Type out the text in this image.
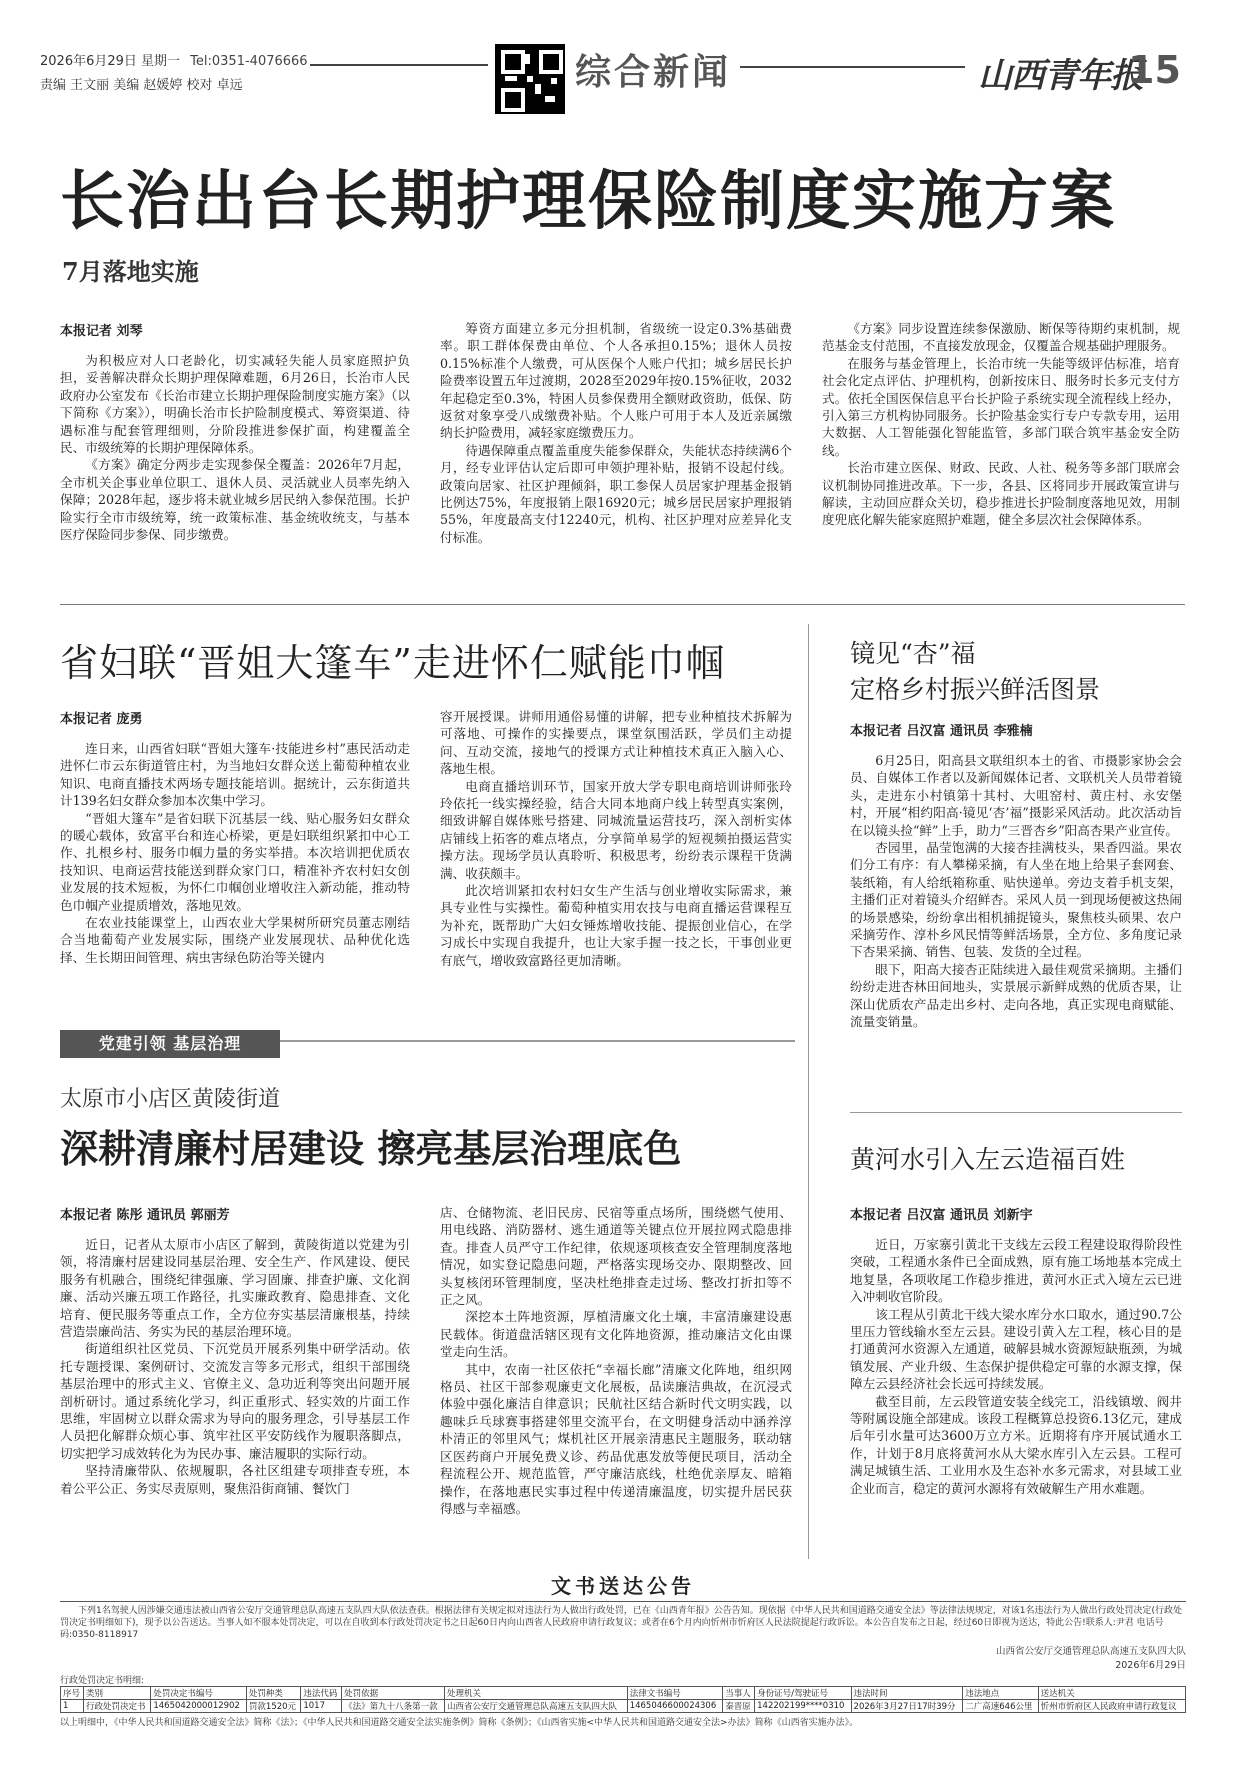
2026年6月29日 星期一 Tel:0351-4076666
责编 王文丽 美编 赵媛婷 校对 卓远	综合新闻	山西青年报
15
长治出台长期护理保险制度实施方案
7月落地实施
本报记者 刘琴

为积极应对人口老龄化，切实减轻失能人员家庭照护负担，妥善解决群众长期护理保障难题，6月26日，长治市人民政府办公室发布《长治市建立长期护理保险制度实施方案》（以下简称《方案》），明确长治市长护险制度模式、筹资渠道、待遇标准与配套管理细则，分阶段推进参保扩面，构建覆盖全民、市级统筹的长期护理保障体系。

《方案》确定分两步走实现参保全覆盖：2026年7月起，全市机关企事业单位职工、退休人员、灵活就业人员率先纳入保障；2028年起，逐步将未就业城乡居民纳入参保范围。长护险实行全市市级统筹，统一政策标准、基金统收统支，与基本医疗保险同步参保、同步缴费。

筹资方面建立多元分担机制，省级统一设定0.3%基础费率。职工群体保费由单位、个人各承担0.15%；退休人员按0.15%标准个人缴费，可从医保个人账户代扣；城乡居民长护险费率设置五年过渡期，2028至2029年按0.15%征收，2032年起稳定至0.3%，特困人员参保费用全额财政资助，低保、防返贫对象享受八成缴费补贴。个人账户可用于本人及近亲属缴纳长护险费用，减轻家庭缴费压力。

待遇保障重点覆盖重度失能参保群众，失能状态持续满6个月，经专业评估认定后即可申领护理补贴，报销不设起付线。政策向居家、社区护理倾斜，职工参保人员居家护理基金报销比例达75%，年度报销上限16920元；城乡居民居家护理报销55%，年度最高支付12240元，机构、社区护理对应差异化支付标准。

《方案》同步设置连续参保激励、断保等待期约束机制，规范基金支付范围，不直接发放现金，仅覆盖合规基础护理服务。

在服务与基金管理上，长治市统一失能等级评估标准，培育社会化定点评估、护理机构，创新按床日、服务时长多元支付方式。依托全国医保信息平台长护险子系统实现全流程线上经办，引入第三方机构协同服务。长护险基金实行专户专款专用，运用大数据、人工智能强化智能监管，多部门联合筑牢基金安全防线。

长治市建立医保、财政、民政、人社、税务等多部门联席会议机制协同推进改革。下一步，各县、区将同步开展政策宣讲与解读，主动回应群众关切，稳步推进长护险制度落地见效，用制度兜底化解失能家庭照护难题，健全多层次社会保障体系。

省妇联“晋姐大篷车”走进怀仁赋能巾帼
本报记者 庞勇

连日来，山西省妇联“晋姐大篷车·技能进乡村”惠民活动走进怀仁市云东街道管庄村，为当地妇女群众送上葡萄种植农业知识、电商直播技术两场专题技能培训。据统计，云东街道共计139名妇女群众参加本次集中学习。

“晋姐大篷车”是省妇联下沉基层一线、贴心服务妇女群众的暖心载体，致富平台和连心桥梁，更是妇联组织紧扣中心工作、扎根乡村、服务巾帼力量的务实举措。本次培训把优质农技知识、电商运营技能送到群众家门口，精准补齐农村妇女创业发展的技术短板，为怀仁巾帼创业增收注入新动能，推动特色巾帼产业提质增效，落地见效。

在农业技能课堂上，山西农业大学果树所研究员董志刚结合当地葡萄产业发展实际，围绕产业发展现状、品种优化选择、生长期田间管理、病虫害绿色防治等关键内

容开展授课。讲师用通俗易懂的讲解，把专业种植技术拆解为可落地、可操作的实操要点，课堂氛围活跃，学员们主动提问、互动交流，接地气的授课方式让种植技术真正入脑入心、落地生根。

电商直播培训环节，国家开放大学专职电商培训讲师张玲玲依托一线实操经验，结合大同本地商户线上转型真实案例，细致讲解自媒体账号搭建、同城流量运营技巧，深入剖析实体店铺线上拓客的难点堵点，分享简单易学的短视频拍摄运营实操方法。现场学员认真聆听、积极思考，纷纷表示课程干货满满、收获颇丰。

此次培训紧扣农村妇女生产生活与创业增收实际需求，兼具专业性与实操性。葡萄种植实用农技与电商直播运营课程互为补充，既帮助广大妇女锤炼增收技能、提振创业信心，在学习成长中实现自我提升，也让大家手握一技之长，干事创业更有底气，增收致富路径更加清晰。

镜见“杏”福
定格乡村振兴鲜活图景
本报记者 吕汉富 通讯员 李雅楠

6月25日，阳高县文联组织本土的省、市摄影家协会会员、自媒体工作者以及新闻媒体记者、文联机关人员带着镜头，走进东小村镇第十其村、大咀窑村、黄庄村、永安堡村，开展“相约阳高·镜见‘杏’福”摄影采风活动。此次活动旨在以镜头捡“鲜”上手，助力“三晋杏乡”阳高杏果产业宣传。

杏园里，晶莹饱满的大接杏挂满枝头，果香四溢。果农们分工有序：有人攀梯采摘，有人坐在地上给果子套网套、装纸箱，有人给纸箱称重、贴快递单。旁边支着手机支架，主播们正对着镜头介绍鲜杏。采风人员一到现场便被这热闹的场景感染，纷纷拿出相机捕捉镜头，聚焦枝头硕果、农户采摘劳作、淳朴乡风民情等鲜活场景，全方位、多角度记录下杏果采摘、销售、包装、发货的全过程。

眼下，阳高大接杏正陆续进入最佳观赏采摘期。主播们纷纷走进杏林田间地头，实景展示新鲜成熟的优质杏果，让深山优质农产品走出乡村、走向各地，真正实现电商赋能、流量变销量。

黄河水引入左云造福百姓
本报记者 吕汉富 通讯员 刘新宇

近日，万家寨引黄北干支线左云段工程建设取得阶段性突破，工程通水条件已全面成熟，原有施工场地基本完成土地复垦，各项收尾工作稳步推进，黄河水正式入境左云已进入冲刺收官阶段。

该工程从引黄北干线大梁水库分水口取水，通过90.7公里压力管线输水至左云县。建设引黄入左工程，核心目的是打通黄河水资源入左通道，破解县城水资源短缺瓶颈，为城镇发展、产业升级、生态保护提供稳定可靠的水源支撑，保障左云县经济社会长远可持续发展。

截至目前，左云段管道安装全线完工，沿线镇墩、阀井等附属设施全部建成。该段工程概算总投资6.13亿元，建成后年引水量可达3600万立方米。近期将有序开展试通水工作，计划于8月底将黄河水从大梁水库引入左云县。工程可满足城镇生活、工业用水及生态补水多元需求，对县域工业企业而言，稳定的黄河水源将有效破解生产用水难题。

党建引领 基层治理
太原市小店区黄陵街道
深耕清廉村居建设 擦亮基层治理底色
本报记者 陈彤 通讯员 郭丽芳

近日，记者从太原市小店区了解到，黄陵街道以党建为引领，将清廉村居建设同基层治理、安全生产、作风建设、便民服务有机融合，围绕纪律强廉、学习固廉、排查护廉、文化润廉、活动兴廉五项工作路径，扎实廉政教育、隐患排查、文化培育、便民服务等重点工作，全方位夯实基层清廉根基，持续营造崇廉尚洁、务实为民的基层治理环境。

街道组织社区党员、下沉党员开展系列集中研学活动。依托专题授课、案例研讨、交流发言等多元形式，组织干部围绕基层治理中的形式主义、官僚主义、急功近利等突出问题开展剖析研讨。通过系统化学习，纠正重形式、轻实效的片面工作思维，牢固树立以群众需求为导向的服务理念，引导基层工作人员把化解群众烦心事、筑牢社区平安防线作为履职落脚点，切实把学习成效转化为为民办事、廉洁履职的实际行动。

坚持清廉带队、依规履职，各社区组建专项排查专班，本着公平公正、务实尽责原则，聚焦沿街商铺、餐饮门

店、仓储物流、老旧民房、民宿等重点场所，围绕燃气使用、用电线路、消防器材、逃生通道等关键点位开展拉网式隐患排查。排查人员严守工作纪律，依规逐项核查安全管理制度落地情况，如实登记隐患问题，严格落实现场交办、限期整改、回头复核闭环管理制度，坚决杜绝排查走过场、整改打折扣等不正之风。

深挖本土阵地资源，厚植清廉文化土壤，丰富清廉建设惠民载体。街道盘活辖区现有文化阵地资源，推动廉洁文化由课堂走向生活。

其中，农南一社区依托“幸福长廊”清廉文化阵地，组织网格员、社区干部参观廉吏文化展板，品读廉洁典故，在沉浸式体验中强化廉洁自律意识；民航社区结合新时代文明实践，以趣味乒乓球赛事搭建邻里交流平台，在文明健身活动中涵养淳朴清正的邻里风气；煤机社区开展亲清惠民主题服务，联动辖区医药商户开展免费义诊、药品优惠发放等便民项目，活动全程流程公开、规范监管，严守廉洁底线，杜绝优亲厚友、暗箱操作，在落地惠民实事过程中传递清廉温度，切实提升居民获得感与幸福感。

文书送达公告
下列1名驾驶人因涉嫌交通违法被山西省公安厅交通管理总队高速五支队四大队依法查获。根据法律有关规定拟对违法行为人做出行政处罚，已在《山西青年报》公告告知。现依据《中华人民共和国道路交通安全法》等法律法规规定，对该1名违法行为人做出行政处罚决定(行政处罚决定书明细如下)，现予以公告送达。当事人如不服本处罚决定，可以在自收到本行政处罚决定书之日起60日内向山西省人民政府申请行政复议；或者在6个月内向忻州市忻府区人民法院提起行政诉讼。本公告自发布之日起，经过60日即视为送达，特此公告!联系人:尹君 电话号码:0350-8118917
山西省公安厅交通管理总队高速五支队四大队
2026年6月29日
行政处罚决定书明细:
序号	类别	处罚决定书编号	处罚种类	违法代码	处罚依据	处理机关	法律文书编号	当事人	身份证号/驾驶证号	违法时间	违法地点	送达机关
1	行政处罚决定书	1465042000012902	罚款1520元	1017	《法》第九十八条第一款	山西省公安厅交通管理总队高速五支队四大队	1465046600024306	秦晋原	142202199****0310	2026年3月27日17时39分	二广高速646公里	忻州市忻府区人民政府申请行政复议
以上明细中，《中华人民共和国道路交通安全法》简称《法》；《中华人民共和国道路交通安全法实施条例》简称《条例》；《山西省实施<中华人民共和国道路交通安全法>办法》简称《山西省实施办法》。
